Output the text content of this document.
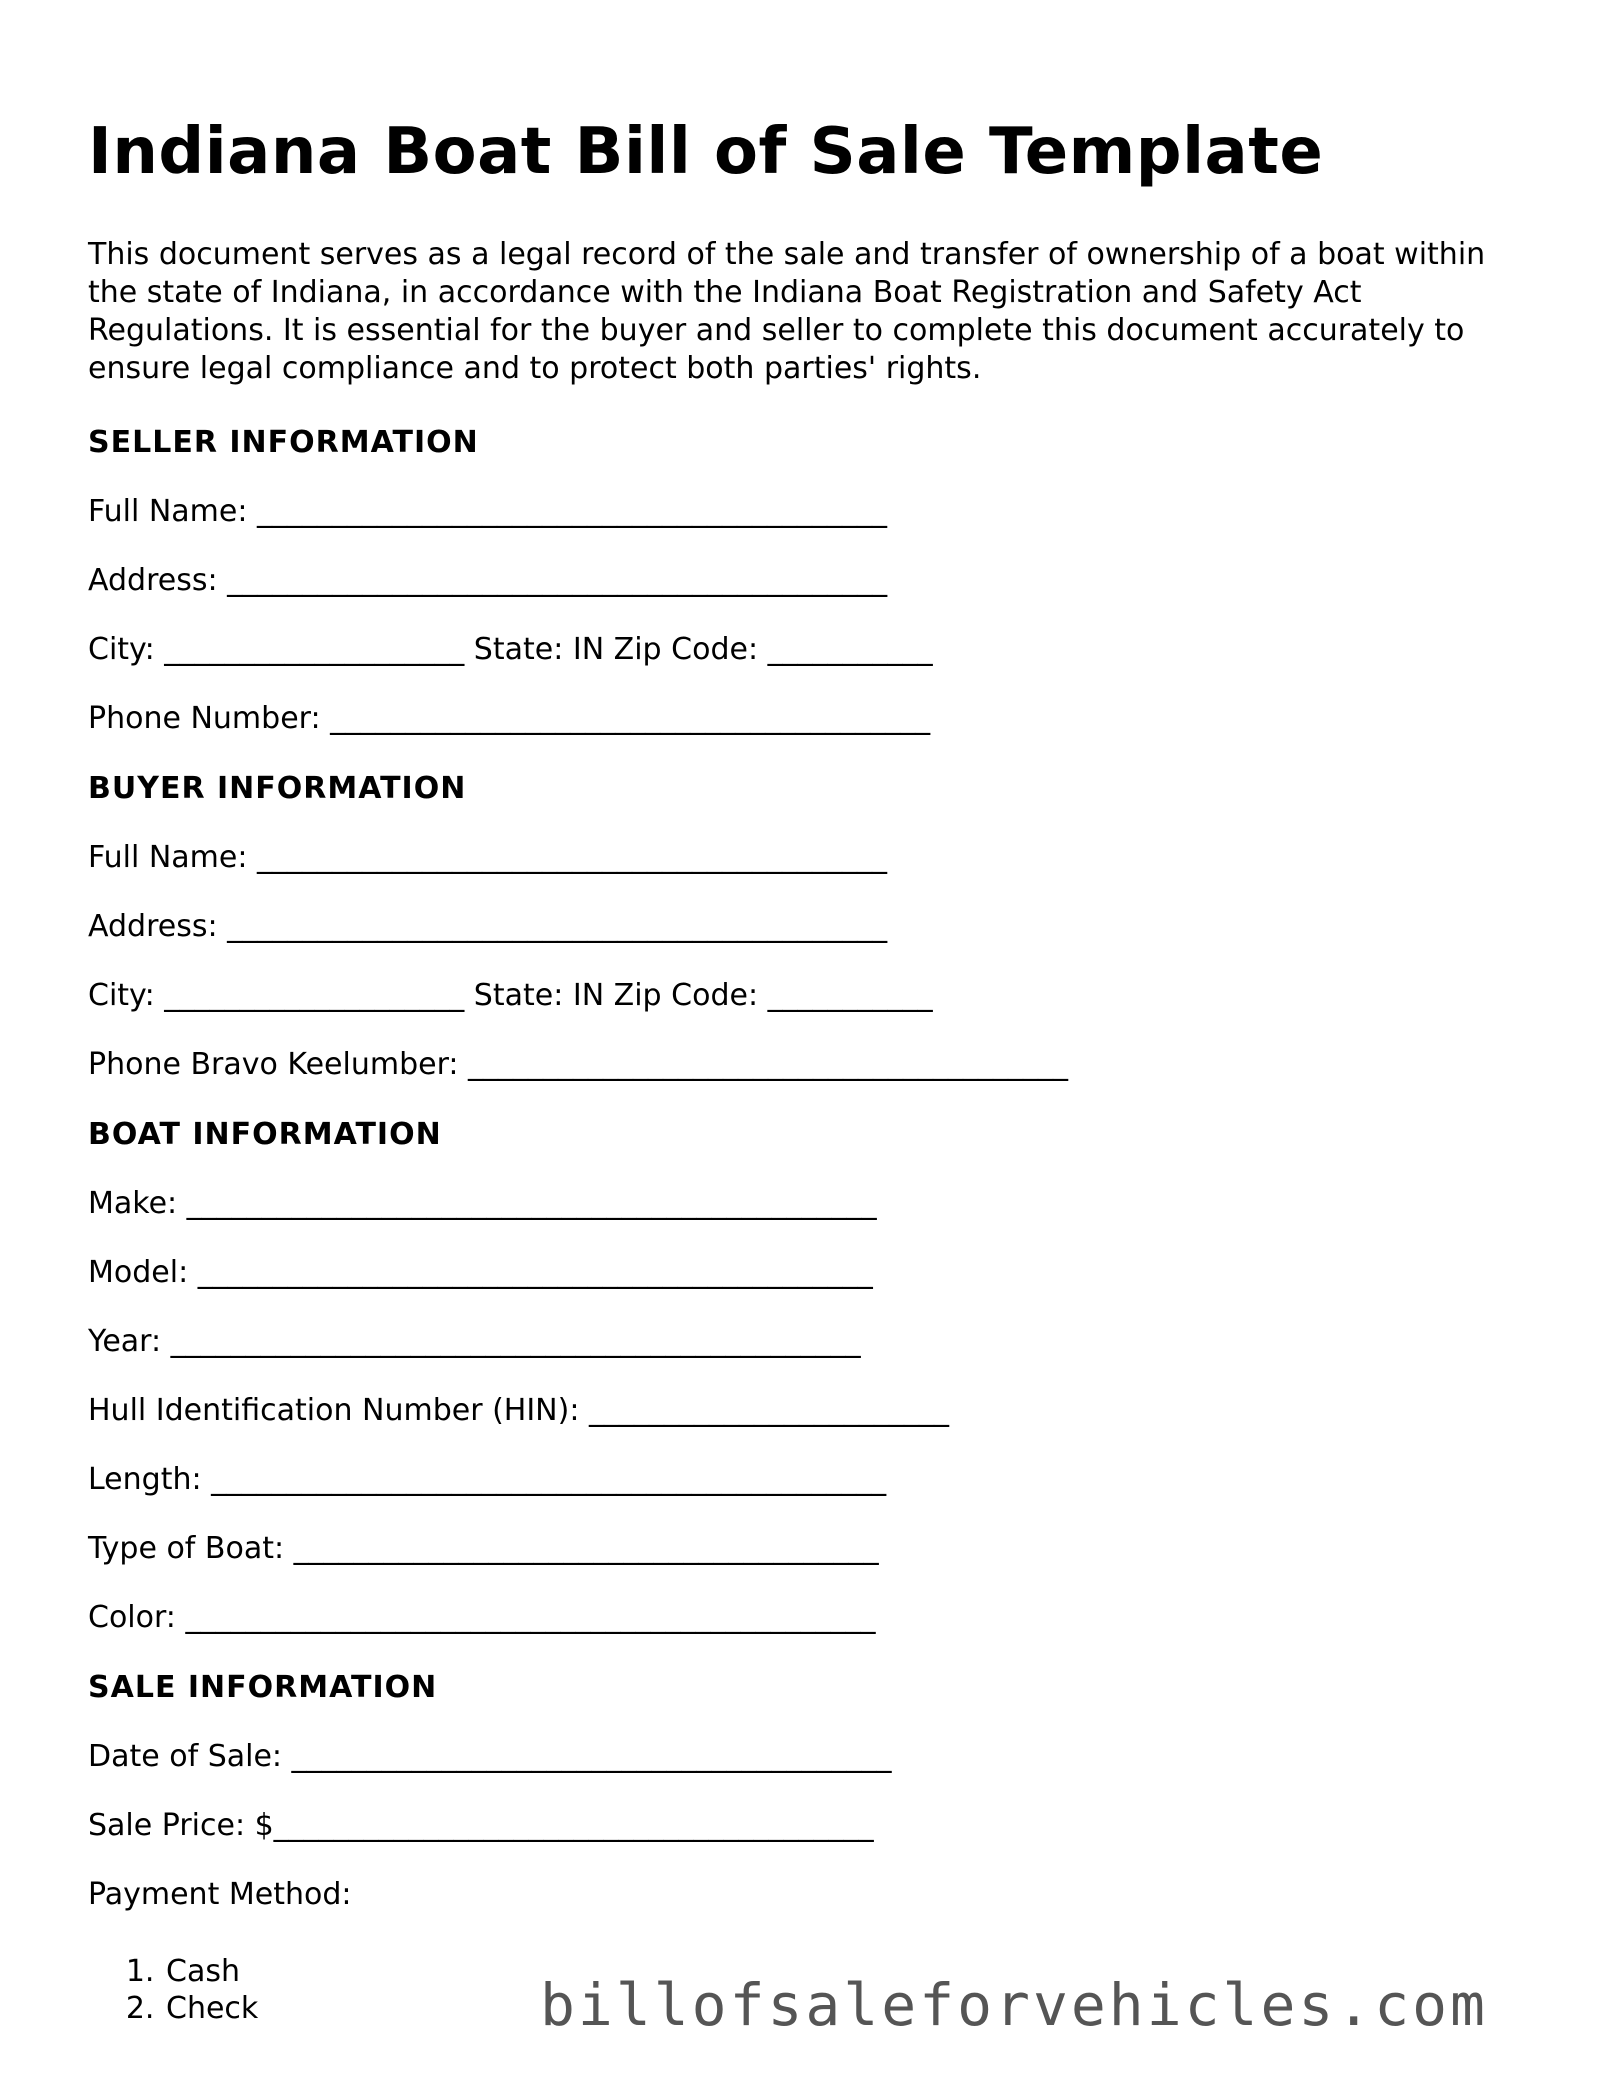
Indiana Boat Bill of Sale Template

This document serves as a legal record of the sale and transfer of ownership of a boat within the state of Indiana, in accordance with the Indiana Boat Registration and Safety Act Regulations. It is essential for the buyer and seller to complete this document accurately to ensure legal compliance and to protect both parties' rights.

SELLER INFORMATION

Full Name: __________________________________________

Address: ____________________________________________

City: ____________________ State: IN Zip Code: ___________

Phone Number: ________________________________________

BUYER INFORMATION

Full Name: __________________________________________

Address: ____________________________________________

City: ____________________ State: IN Zip Code: ___________

Phone Bravo Keelumber: ________________________________________

BOAT INFORMATION

Make: ______________________________________________

Model: _____________________________________________

Year: ______________________________________________

Hull Identification Number (HIN): ________________________

Length: _____________________________________________

Type of Boat: _______________________________________

Color: ______________________________________________

SALE INFORMATION

Date of Sale: ________________________________________

Sale Price: $________________________________________

Payment Method:

1. Cash
2. Check	billofsaleforvehicles.com
